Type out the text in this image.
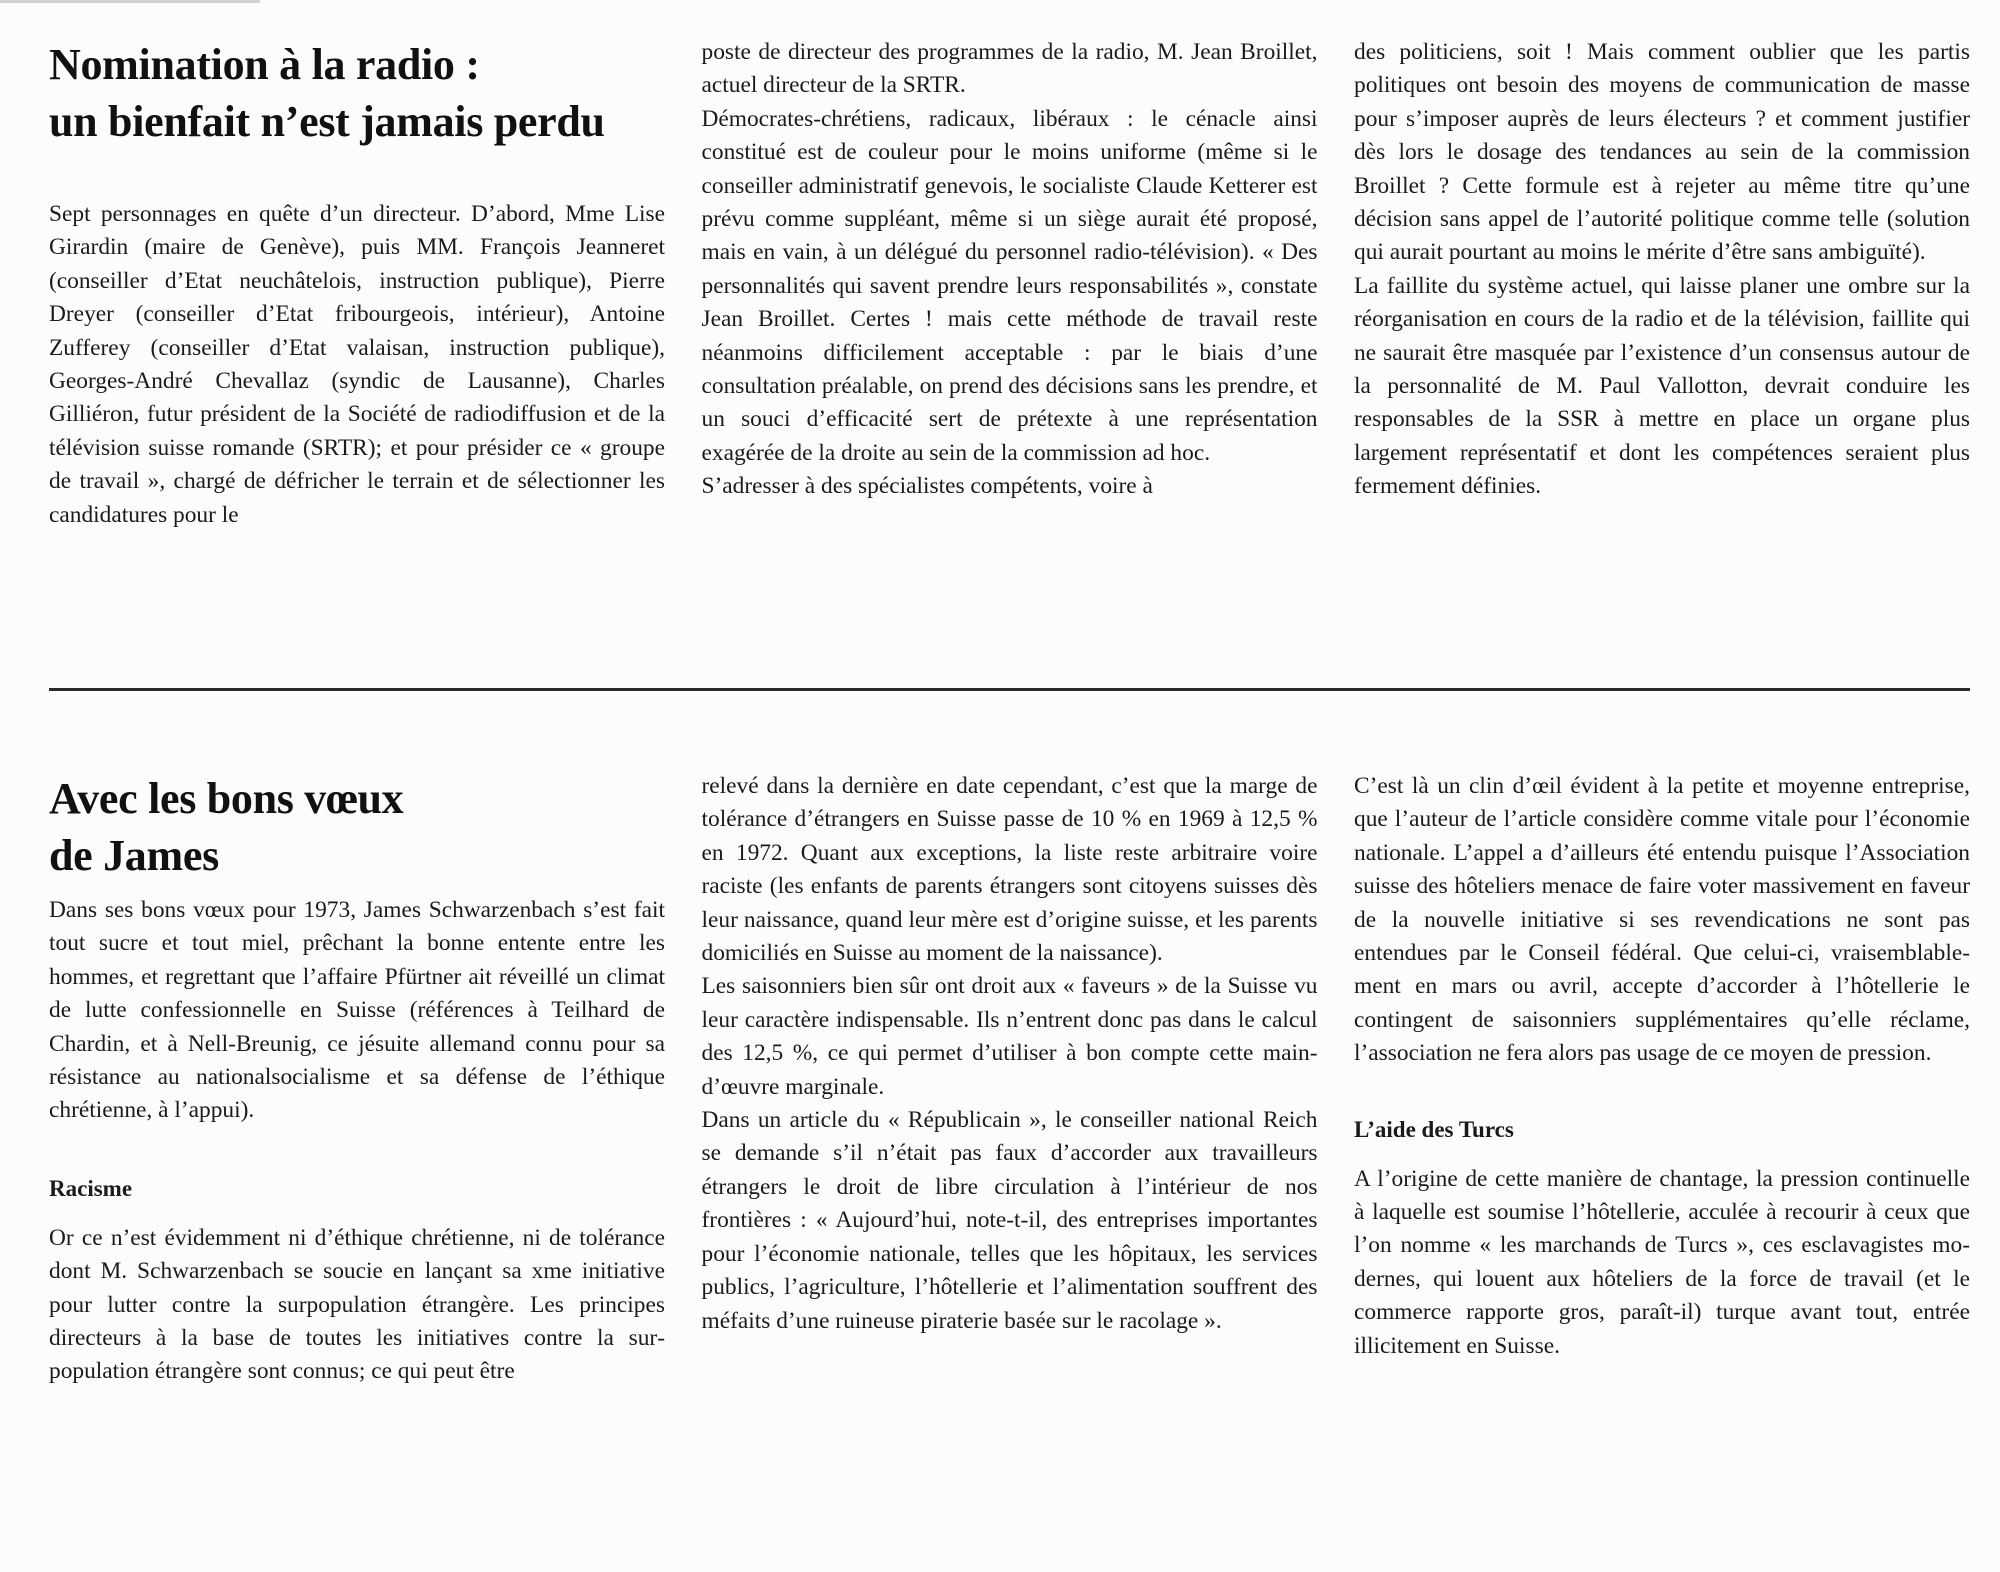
Nomination à la radio :
un bienfait n’est jamais perdu

Sept personnages en quête d’un directeur. D’abord, Mme Lise Girardin (maire de Genève), puis MM. François Jeanneret (conseiller d’Etat neuchâtelois, instruction publique), Pierre Dreyer (conseiller d’Etat fribourgeois, intérieur), Antoine Zufferey (conseiller d’Etat valaisan, instruction publique), Georges-André Chevallaz (syndic de Lausanne), Charles Gilliéron, futur président de la Société de radiodiffusion et de la télévision suisse romande (SRTR); et pour présider ce « groupe de travail », chargé de défricher le terrain et de sélectionner les candidatures pour le

poste de directeur des programmes de la radio, M. Jean Broillet, actuel directeur de la SRTR.

Démocrates-chrétiens, radicaux, libéraux : le cénacle ainsi constitué est de couleur pour le moins uniforme (même si le conseiller administratif genevois, le socialiste Claude Ketterer est prévu comme suppléant, même si un siège aurait été proposé, mais en vain, à un délégué du personnel radio-télévision). « Des personnalités qui savent prendre leurs responsabilités », constate Jean Broillet. Certes ! mais cette méthode de travail reste néanmoins difficilement acceptable : par le biais d’une consultation préalable, on prend des décisions sans les prendre, et un souci d’efficacité sert de prétexte à une représentation exagérée de la droite au sein de la commission ad hoc.

S’adresser à des spécialistes compétents, voire à

des politiciens, soit ! Mais comment oublier que les partis politiques ont besoin des moyens de communication de masse pour s’imposer auprès de leurs électeurs ? et comment justifier dès lors le dosage des tendances au sein de la commission Broillet ? Cette formule est à rejeter au même titre qu’une décision sans appel de l’autorité politique comme telle (solution qui aurait pourtant au moins le mérite d’être sans ambiguïté).

La faillite du système actuel, qui laisse planer une ombre sur la réorganisation en cours de la radio et de la télévision, faillite qui ne saurait être masquée par l’existence d’un consensus autour de la personnalité de M. Paul Vallotton, devrait conduire les responsables de la SSR à mettre en place un organe plus largement représentatif et dont les compétences seraient plus fermement définies.

Avec les bons vœux
de James

Dans ses bons vœux pour 1973, James Schwarzenbach s’est fait tout sucre et tout miel, prêchant la bonne entente entre les hommes, et regrettant que l’affaire Pfürtner ait réveillé un climat de lutte confessionnelle en Suisse (références à Teilhard de Chardin, et à Nell-Breunig, ce jésuite allemand connu pour sa résistance au nationalsocialisme et sa défense de l’éthique chrétienne, à l’appui).

Racisme

Or ce n’est évidemment ni d’éthique chrétienne, ni de tolérance dont M. Schwarzenbach se soucie en lançant sa xme initiative pour lutter contre la surpopulation étrangère. Les principes directeurs à la base de toutes les initiatives contre la surpopulation étrangère sont connus; ce qui peut être

relevé dans la dernière en date cependant, c’est que la marge de tolérance d’étrangers en Suisse passe de 10 % en 1969 à 12,5 % en 1972. Quant aux exceptions, la liste reste arbitraire voire raciste (les enfants de parents étrangers sont citoyens suisses dès leur naissance, quand leur mère est d’origine suisse, et les parents domiciliés en Suisse au moment de la naissance).

Les saisonniers bien sûr ont droit aux « faveurs » de la Suisse vu leur caractère indispensable. Ils n’entrent donc pas dans le calcul des 12,5 %, ce qui permet d’utiliser à bon compte cette maind’œuvre marginale.

Dans un article du « Républicain », le conseiller national Reich se demande s’il n’était pas faux d’accorder aux travailleurs étrangers le droit de libre circulation à l’intérieur de nos frontières : « Aujourd’hui, note-t-il, des entreprises importantes pour l’économie nationale, telles que les hôpitaux, les services publics, l’agriculture, l’hôtellerie et l’alimentation souffrent des méfaits d’une ruineuse piraterie basée sur le racolage ».

C’est là un clin d’œil évident à la petite et moyenne entreprise, que l’auteur de l’article considère comme vitale pour l’économie nationale. L’appel a d’ailleurs été entendu puisque l’Association suisse des hôteliers menace de faire voter massivement en faveur de la nouvelle initiative si ses revendications ne sont pas entendues par le Conseil fédéral. Que celui-ci, vraisemblablement en mars ou avril, accepte d’accorder à l’hôtellerie le contingent de saisonniers supplémentaires qu’elle réclame, l’association ne fera alors pas usage de ce moyen de pression.

L’aide des Turcs

A l’origine de cette manière de chantage, la pression continuelle à laquelle est soumise l’hôtellerie, acculée à recourir à ceux que l’on nomme « les marchands de Turcs », ces esclavagistes modernes, qui louent aux hôteliers de la force de travail (et le commerce rapporte gros, paraît-il) turque avant tout, entrée illicitement en Suisse.
